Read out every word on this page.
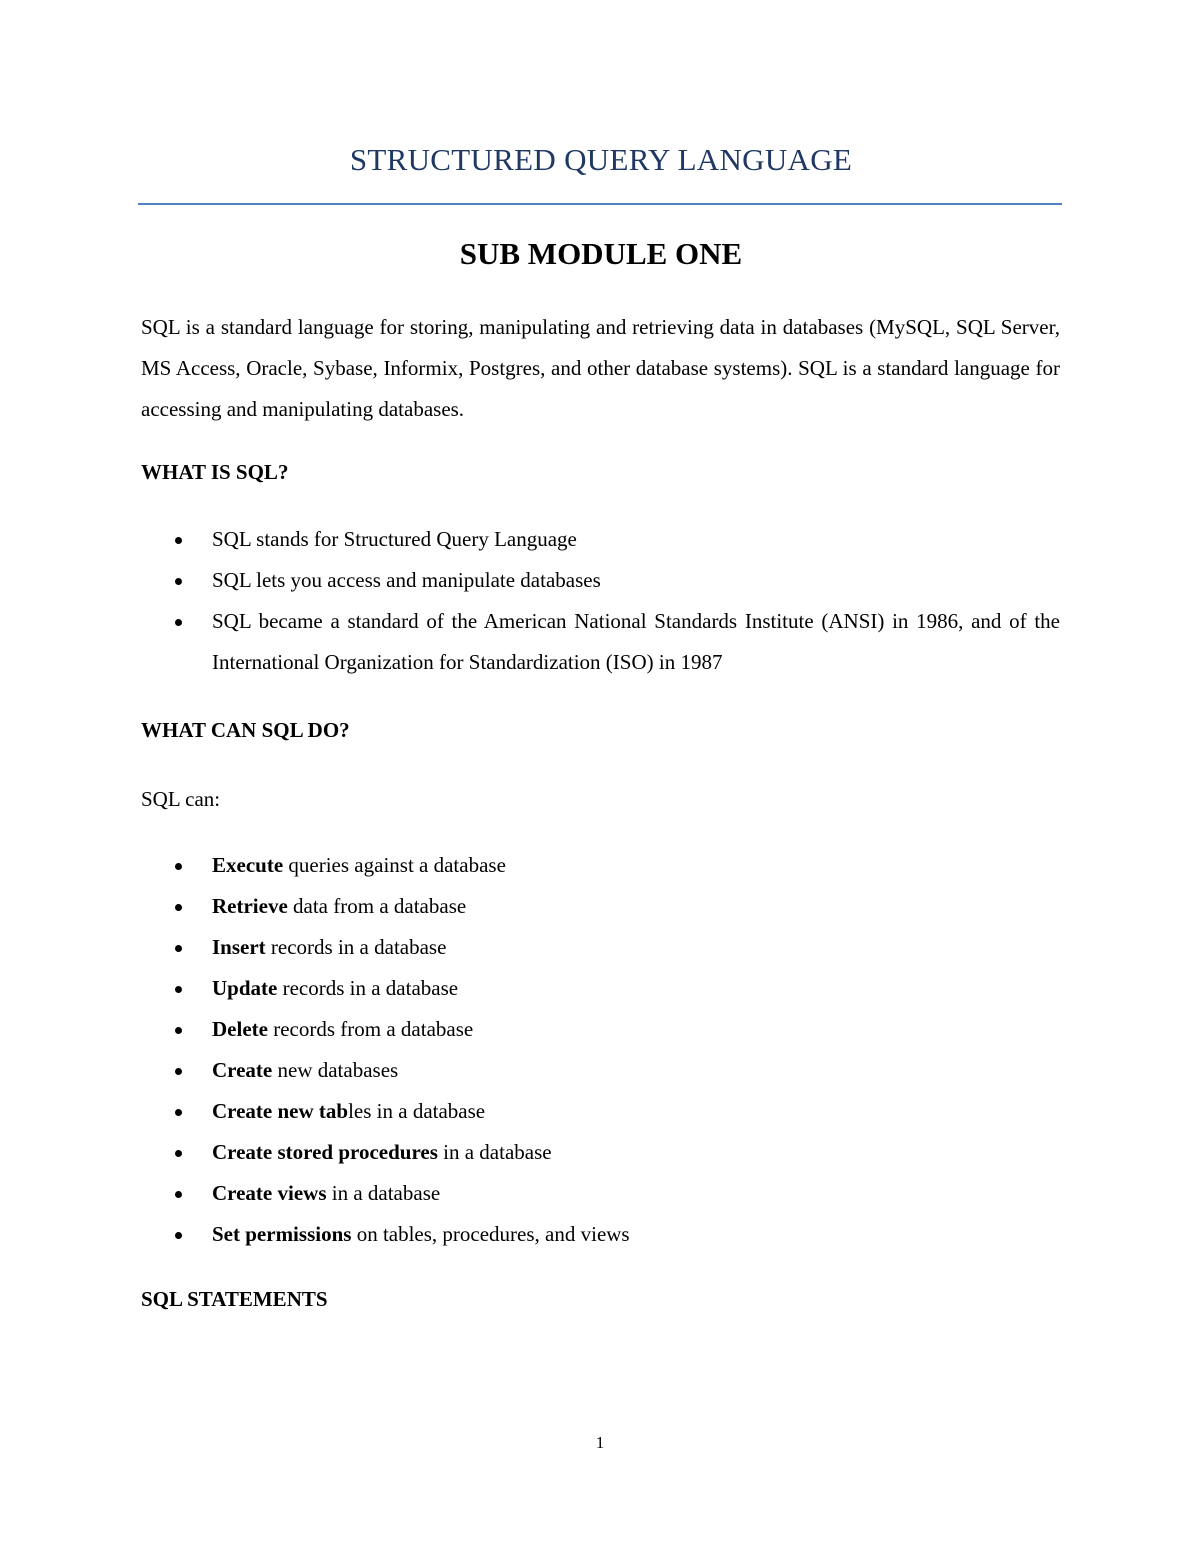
STRUCTURED QUERY LANGUAGE
SUB MODULE ONE

SQL is a standard language for storing, manipulating and retrieving data in databases (MySQL, SQL Server, MS Access, Oracle, Sybase, Informix, Postgres, and other database systems). SQL is a standard language for accessing and manipulating databases.

WHAT IS SQL?
SQL stands for Structured Query Language
SQL lets you access and manipulate databases
SQL became a standard of the American National Standards Institute (ANSI) in 1986, and of the International Organization for Standardization (ISO) in 1987
WHAT CAN SQL DO?

SQL can:

Execute queries against a database
Retrieve data from a database
Insert records in a database
Update records in a database
Delete records from a database
Create new databases
Create new tables in a database
Create stored procedures in a database
Create views in a database
Set permissions on tables, procedures, and views
SQL STATEMENTS
1
